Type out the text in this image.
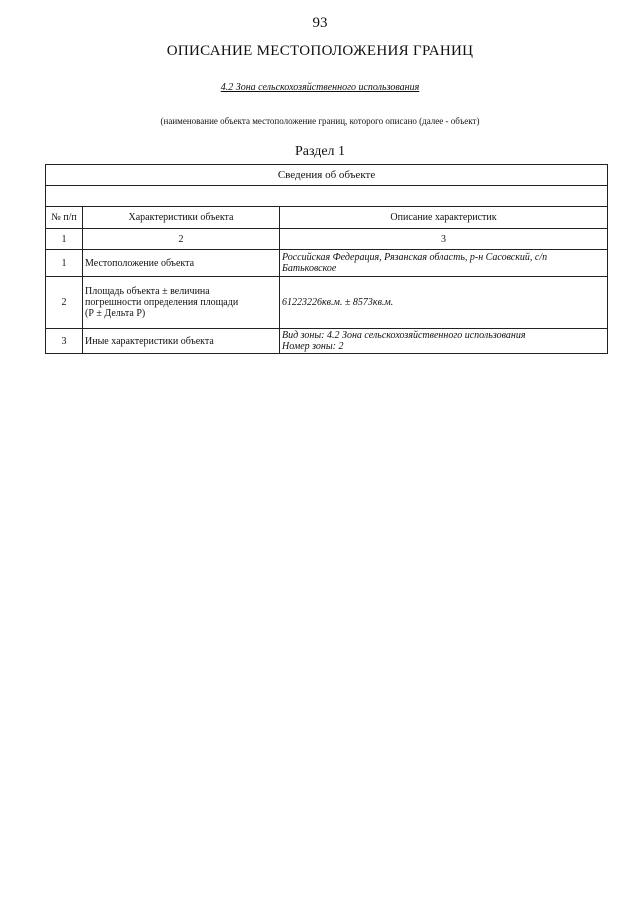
93
ОПИСАНИЕ МЕСТОПОЛОЖЕНИЯ ГРАНИЦ
4.2 Зона сельскохозяйственного использования
(наименование объекта местоположение границ, которого описано (далее - объект)
Раздел 1
Сведения об объекте		

№ п/п	Характеристики объекта	Описание характеристик
1	2	3
1	Местоположение объекта	Российская Федерация, Рязанская область, р-н Сасовский, с/п
Батьковское

2	Площадь объекта ± величина
погрешности определения площади
(Р ± Дельта Р)	61223226кв.м. ± 8573кв.м.

3	Иные характеристики объекта	Вид зоны: 4.2 Зона сельскохозяйственного использования
Номер зоны: 2
